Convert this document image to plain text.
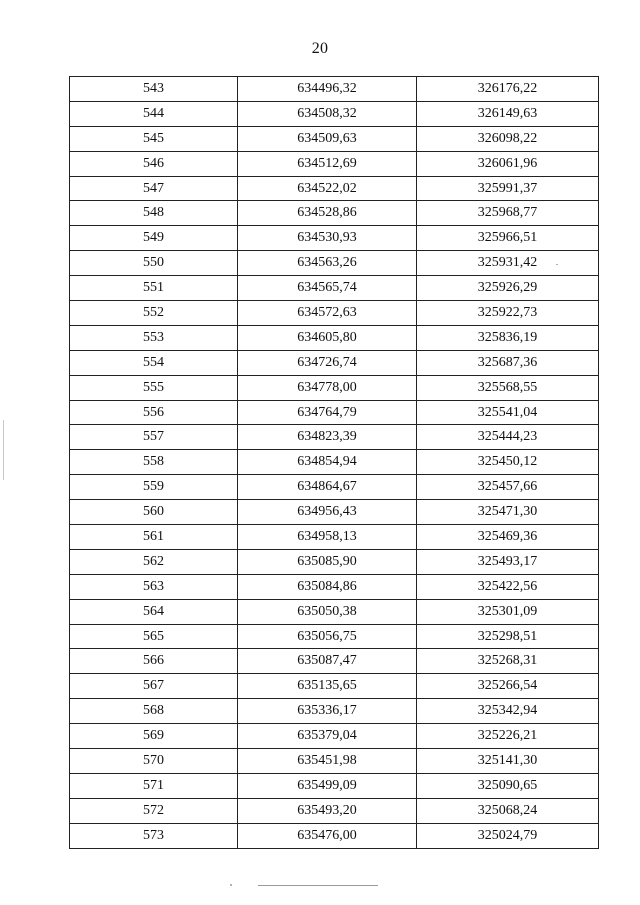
20
543	634496,32	326176,22
544	634508,32	326149,63
545	634509,63	326098,22
546	634512,69	326061,96
547	634522,02	325991,37
548	634528,86	325968,77
549	634530,93	325966,51
550	634563,26	325931,42
551	634565,74	325926,29
552	634572,63	325922,73
553	634605,80	325836,19
554	634726,74	325687,36
555	634778,00	325568,55
556	634764,79	325541,04
557	634823,39	325444,23
558	634854,94	325450,12
559	634864,67	325457,66
560	634956,43	325471,30
561	634958,13	325469,36
562	635085,90	325493,17
563	635084,86	325422,56
564	635050,38	325301,09
565	635056,75	325298,51
566	635087,47	325268,31
567	635135,65	325266,54
568	635336,17	325342,94
569	635379,04	325226,21
570	635451,98	325141,30
571	635499,09	325090,65
572	635493,20	325068,24
573	635476,00	325024,79
